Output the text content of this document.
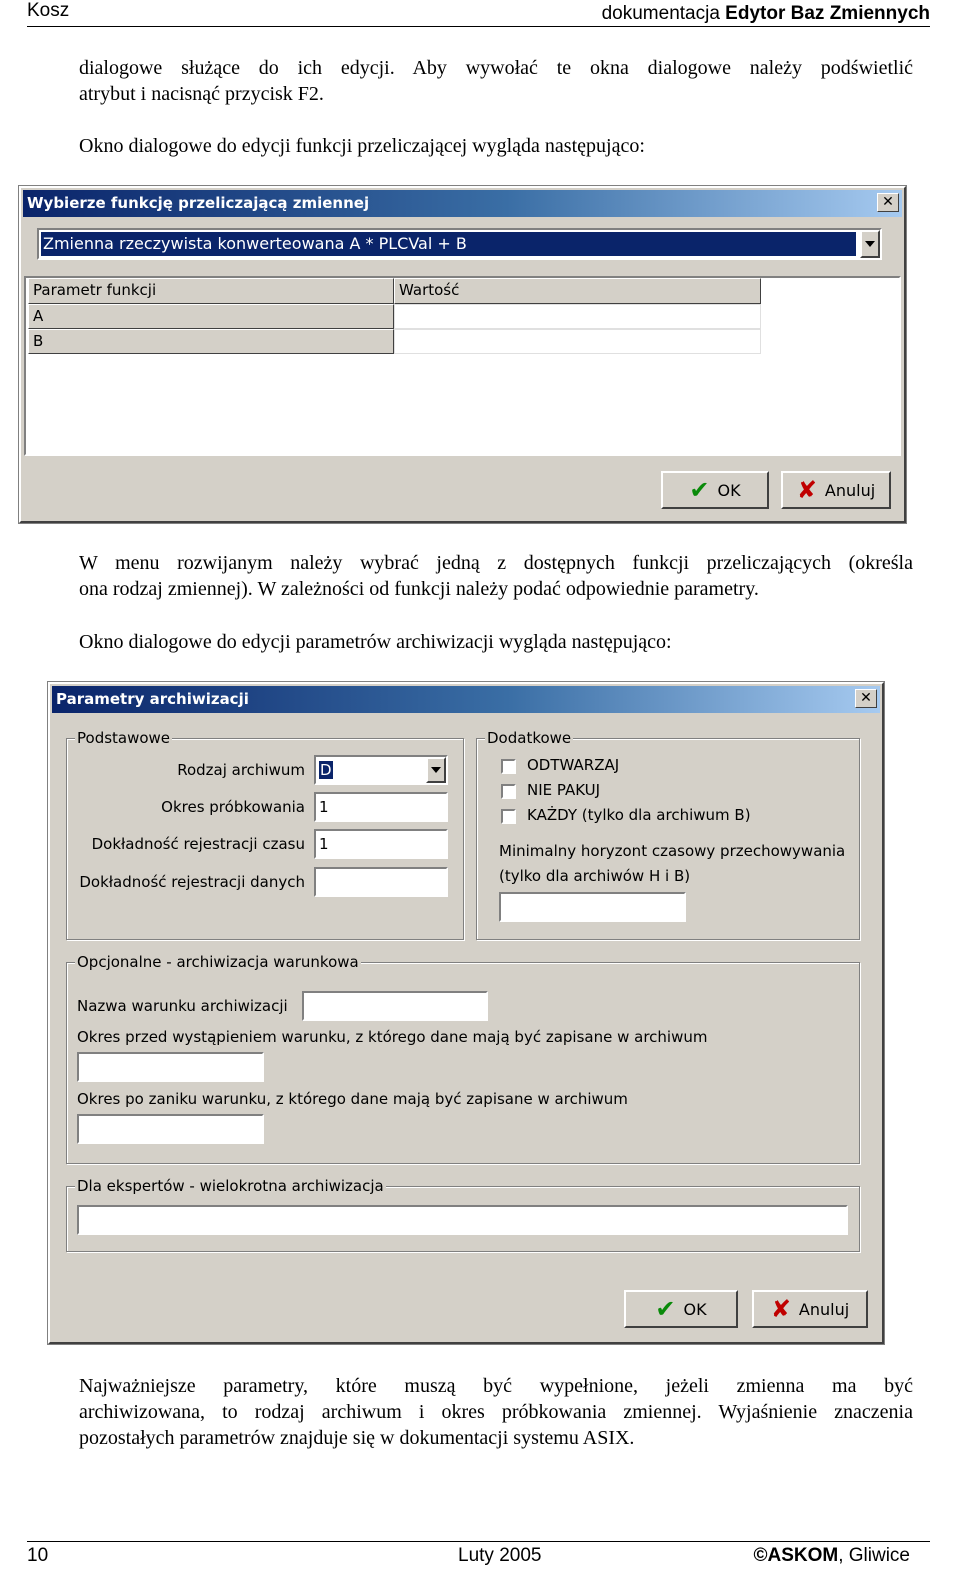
Kosz	dokumentacja Edytor Baz Zmiennych
dialogowe służące do ich edycji. Aby wywołać te okna dialogowe należy podświetlić
atrybut i nacisnąć przycisk F2.
Okno dialogowe do edycji funkcji przeliczającej wygląda następująco:
Wybierze funkcję przeliczającą zmiennej	✕
Zmienna rzeczywista konwerteowana A * PLCVal + B
Parametr funkcji	Wartość
A
B
✔ OK ✘ Anuluj
W menu rozwijanym należy wybrać jedną z dostępnych funkcji przeliczających (określa
ona rodzaj zmiennej). W zależności od funkcji należy podać odpowiednie parametry.
Okno dialogowe do edycji parametrów archiwizacji wygląda następująco:
Parametry archiwizacji	✕
Podstawowe
Rodzaj archiwum	D
Okres próbkowania 1
Dokładność rejestracji czasu 1
Dokładność rejestracji danych
Dodatkowe
ODTWARZAJ
NIE PAKUJ
KAŻDY (tylko dla archiwum B)
Minimalny horyzont czasowy przechowywania
(tylko dla archiwów H i B)
Opcjonalne - archiwizacja warunkowa
Nazwa warunku archiwizacji
Okres przed wystąpieniem warunku, z którego dane mają być zapisane w archiwum
Okres po zaniku warunku, z którego dane mają być zapisane w archiwum
Dla ekspertów - wielokrotna archiwizacja
✔ OK	✘ Anuluj
Najważniejsze parametry, które muszą być wypełnione, jeżeli zmienna ma być
archiwizowana, to rodzaj archiwum i okres próbkowania zmiennej. Wyjaśnienie znaczenia
pozostałych parametrów znajduje się w dokumentacji systemu ASIX.
10	Luty 2005	©ASKOM, Gliwice
